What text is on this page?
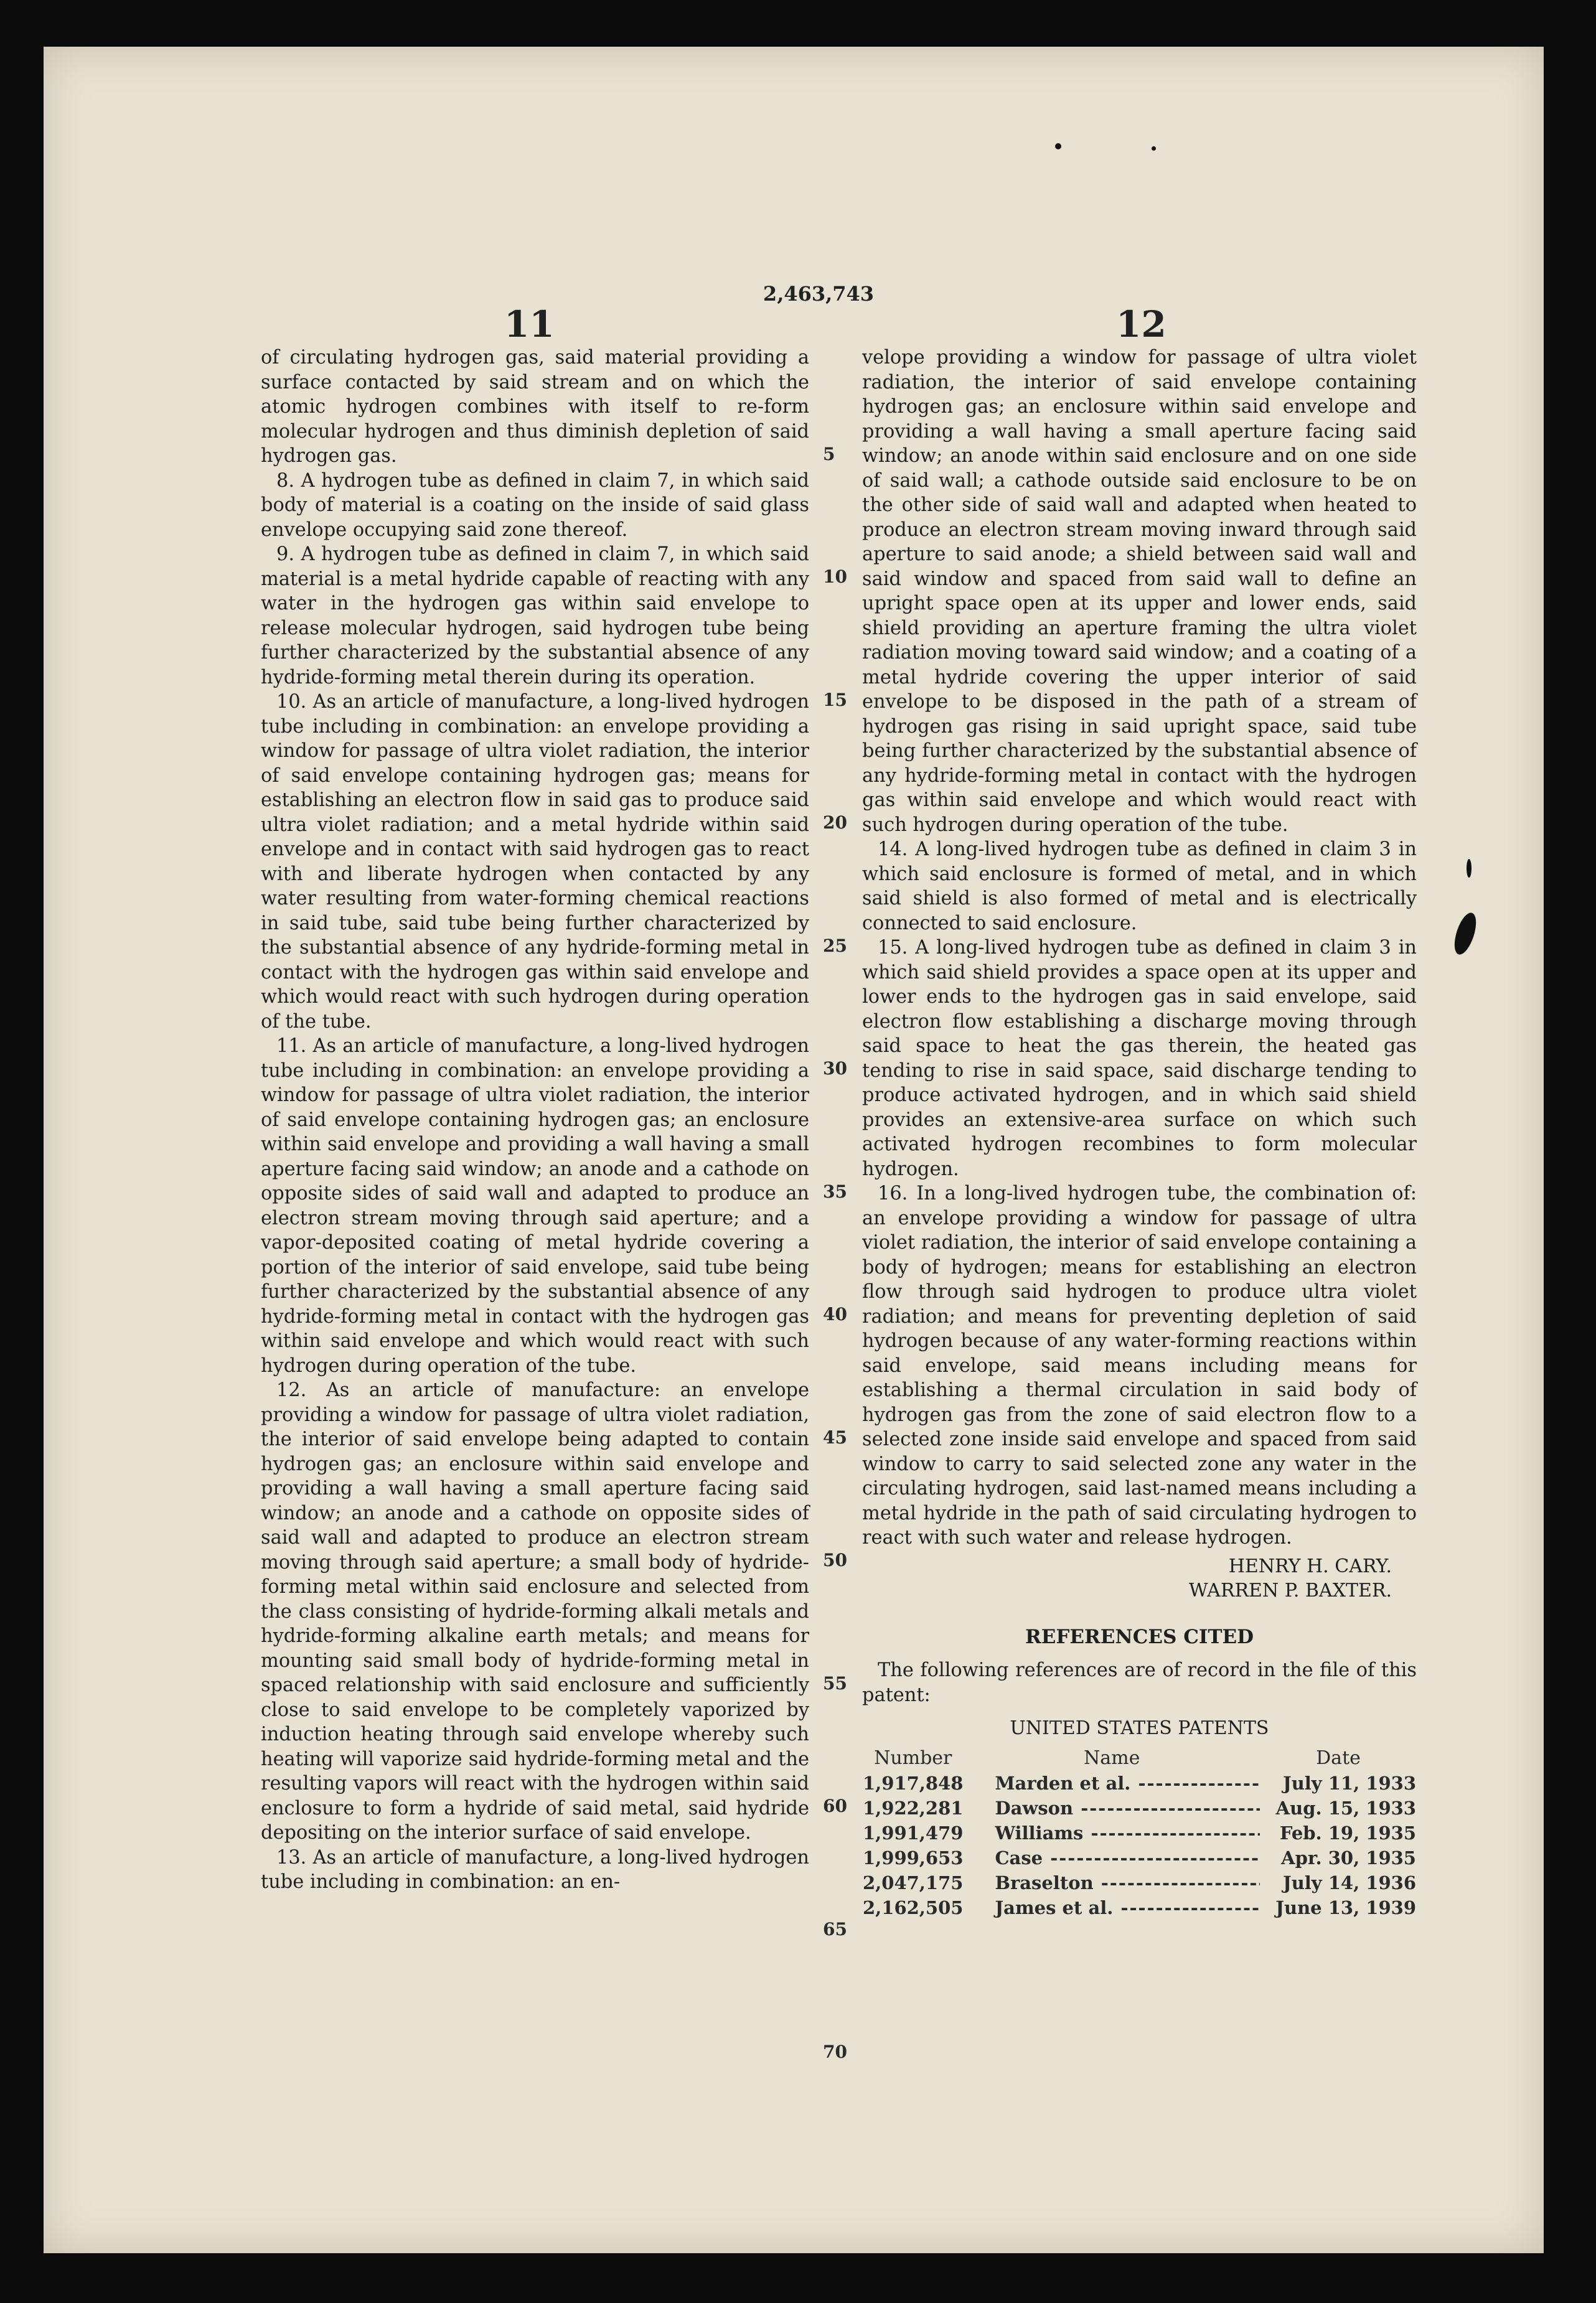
2,463,743
11	12

of circulating hydrogen gas, said material providing a surface contacted by said stream and on which the atomic hydrogen combines with itself to re-form molecular hydrogen and thus diminish depletion of said hydrogen gas.

8. A hydrogen tube as defined in claim 7, in which said body of material is a coating on the inside of said glass envelope occupying said zone thereof.

9. A hydrogen tube as defined in claim 7, in which said material is a metal hydride capable of reacting with any water in the hydrogen gas within said envelope to release molecular hydrogen, said hydrogen tube being further characterized by the substantial absence of any hydride-forming metal therein during its operation.

10. As an article of manufacture, a long-lived hydrogen tube including in combination: an envelope providing a window for passage of ultra violet radiation, the interior of said envelope containing hydrogen gas; means for establishing an electron flow in said gas to produce said ultra violet radiation; and a metal hydride within said envelope and in contact with said hydrogen gas to react with and liberate hydrogen when contacted by any water resulting from water-forming chemical reactions in said tube, said tube being further characterized by the substantial absence of any hydride-forming metal in contact with the hydrogen gas within said envelope and which would react with such hydrogen during operation of the tube.

11. As an article of manufacture, a long-lived hydrogen tube including in combination: an envelope providing a window for passage of ultra violet radiation, the interior of said envelope containing hydrogen gas; an enclosure within said envelope and providing a wall having a small aperture facing said window; an anode and a cathode on opposite sides of said wall and adapted to produce an electron stream moving through said aperture; and a vapor-deposited coating of metal hydride covering a portion of the interior of said envelope, said tube being further characterized by the substantial absence of any hydride-forming metal in contact with the hydrogen gas within said envelope and which would react with such hydrogen during operation of the tube.

12. As an article of manufacture: an envelope providing a window for passage of ultra violet radiation, the interior of said envelope being adapted to contain hydrogen gas; an enclosure within said envelope and providing a wall having a small aperture facing said window; an anode and a cathode on opposite sides of said wall and adapted to produce an electron stream moving through said aperture; a small body of hydride-forming metal within said enclosure and selected from the class consisting of hydride-forming alkali metals and hydride-forming alkaline earth metals; and means for mounting said small body of hydride-forming metal in spaced relationship with said enclosure and sufficiently close to said envelope to be completely vaporized by induction heating through said envelope whereby such heating will vaporize said hydride-forming metal and the resulting vapors will react with the hydrogen within said enclosure to form a hydride of said metal, said hydride depositing on the interior surface of said envelope.

13. As an article of manufacture, a long-lived hydrogen tube including in combination: an en-

5
10
15
20
25
30
35
40
45
50
55
60
65
70

velope providing a window for passage of ultra violet radiation, the interior of said envelope containing hydrogen gas; an enclosure within said envelope and providing a wall having a small aperture facing said window; an anode within said enclosure and on one side of said wall; a cathode outside said enclosure to be on the other side of said wall and adapted when heated to produce an electron stream moving inward through said aperture to said anode; a shield between said wall and said window and spaced from said wall to define an upright space open at its upper and lower ends, said shield providing an aperture framing the ultra violet radiation moving toward said window; and a coating of a metal hydride covering the upper interior of said envelope to be disposed in the path of a stream of hydrogen gas rising in said upright space, said tube being further characterized by the substantial absence of any hydride-forming metal in contact with the hydrogen gas within said envelope and which would react with such hydrogen during operation of the tube.

14. A long-lived hydrogen tube as defined in claim 3 in which said enclosure is formed of metal, and in which said shield is also formed of metal and is electrically connected to said enclosure.

15. A long-lived hydrogen tube as defined in claim 3 in which said shield provides a space open at its upper and lower ends to the hydrogen gas in said envelope, said electron flow establishing a discharge moving through said space to heat the gas therein, the heated gas tending to rise in said space, said discharge tending to produce activated hydrogen, and in which said shield provides an extensive-area surface on which such activated hydrogen recombines to form molecular hydrogen.

16. In a long-lived hydrogen tube, the combination of: an envelope providing a window for passage of ultra violet radiation, the interior of said envelope containing a body of hydrogen; means for establishing an electron flow through said hydrogen to produce ultra violet radiation; and means for preventing depletion of said hydrogen because of any water-forming reactions within said envelope, said means including means for establishing a thermal circulation in said body of hydrogen gas from the zone of said electron flow to a selected zone inside said envelope and spaced from said window to carry to said selected zone any water in the circulating hydrogen, said last-named means including a metal hydride in the path of said circulating hydrogen to react with such water and release hydrogen.

HENRY H. CARY.
WARREN P. BAXTER.
REFERENCES CITED

The following references are of record in the file of this patent:

UNITED STATES PATENTS
Number	Name	Date
1,917,848	Marden et al. -----	July 11, 1933
1,922,281	Dawson -----	Aug. 15, 1933
1,991,479	Williams -----	Feb. 19, 1935
1,999,653	Case -----	Apr. 30, 1935
2,047,175	Braselton -----	July 14, 1936
2,162,505	James et al. -----	June 13, 1939
